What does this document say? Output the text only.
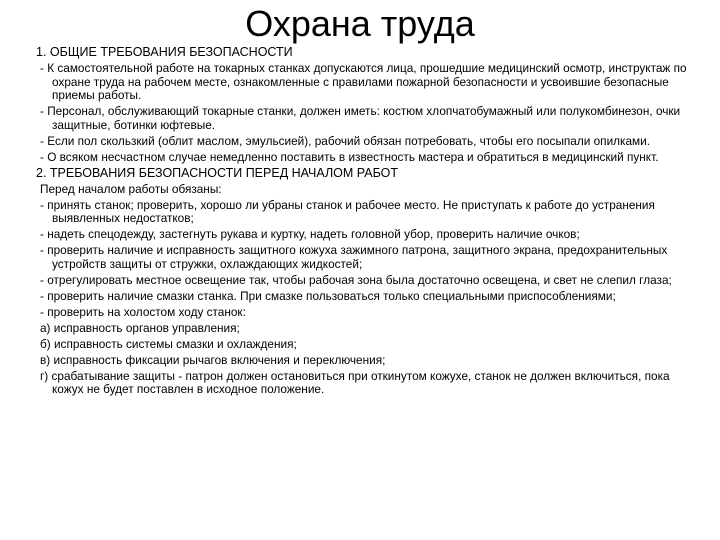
Охрана труда
1. ОБЩИЕ ТРЕБОВАНИЯ БЕЗОПАСНОСТИ
- К самостоятельной работе на токарных станках допускаются лица, прошедшие медицинский осмотр, инструктаж по охране труда на рабочем месте, ознакомленные с правилами пожарной безопасности и усвоившие безопасные приемы работы.
- Персонал, обслуживающий токарные станки, должен иметь: костюм хлопчатобумажный или полукомбинезон, очки защитные, ботинки юфтевые.
- Если пол скользкий (облит маслом, эмульсией), рабочий обязан потребовать, чтобы его посыпали опилками.
- О всяком несчастном случае немедленно поставить в известность мастера и обратиться в медицинский пункт.
2. ТРЕБОВАНИЯ БЕЗОПАСНОСТИ ПЕРЕД НАЧАЛОМ РАБОТ
Перед началом работы обязаны:
- принять станок; проверить, хорошо ли убраны станок и рабочее место. Не приступать к работе до устранения выявленных недостатков;
- надеть спецодежду, застегнуть рукава и куртку, надеть головной убор, проверить наличие очков;
- проверить наличие и исправность защитного кожуха зажимного патрона, защитного экрана, предохранительных устройств защиты от стружки, охлаждающих жидкостей;
- отрегулировать местное освещение так, чтобы рабочая зона была достаточно освещена, и свет не слепил глаза;
- проверить наличие смазки станка. При смазке пользоваться только специальными приспособлениями;
- проверить на холостом ходу станок:
а) исправность органов управления;
б) исправность системы смазки и охлаждения;
в) исправность фиксации рычагов включения и переключения;
г) срабатывание защиты - патрон должен остановиться при откинутом кожухе, станок не должен включиться, пока кожух не будет поставлен в исходное положение.
